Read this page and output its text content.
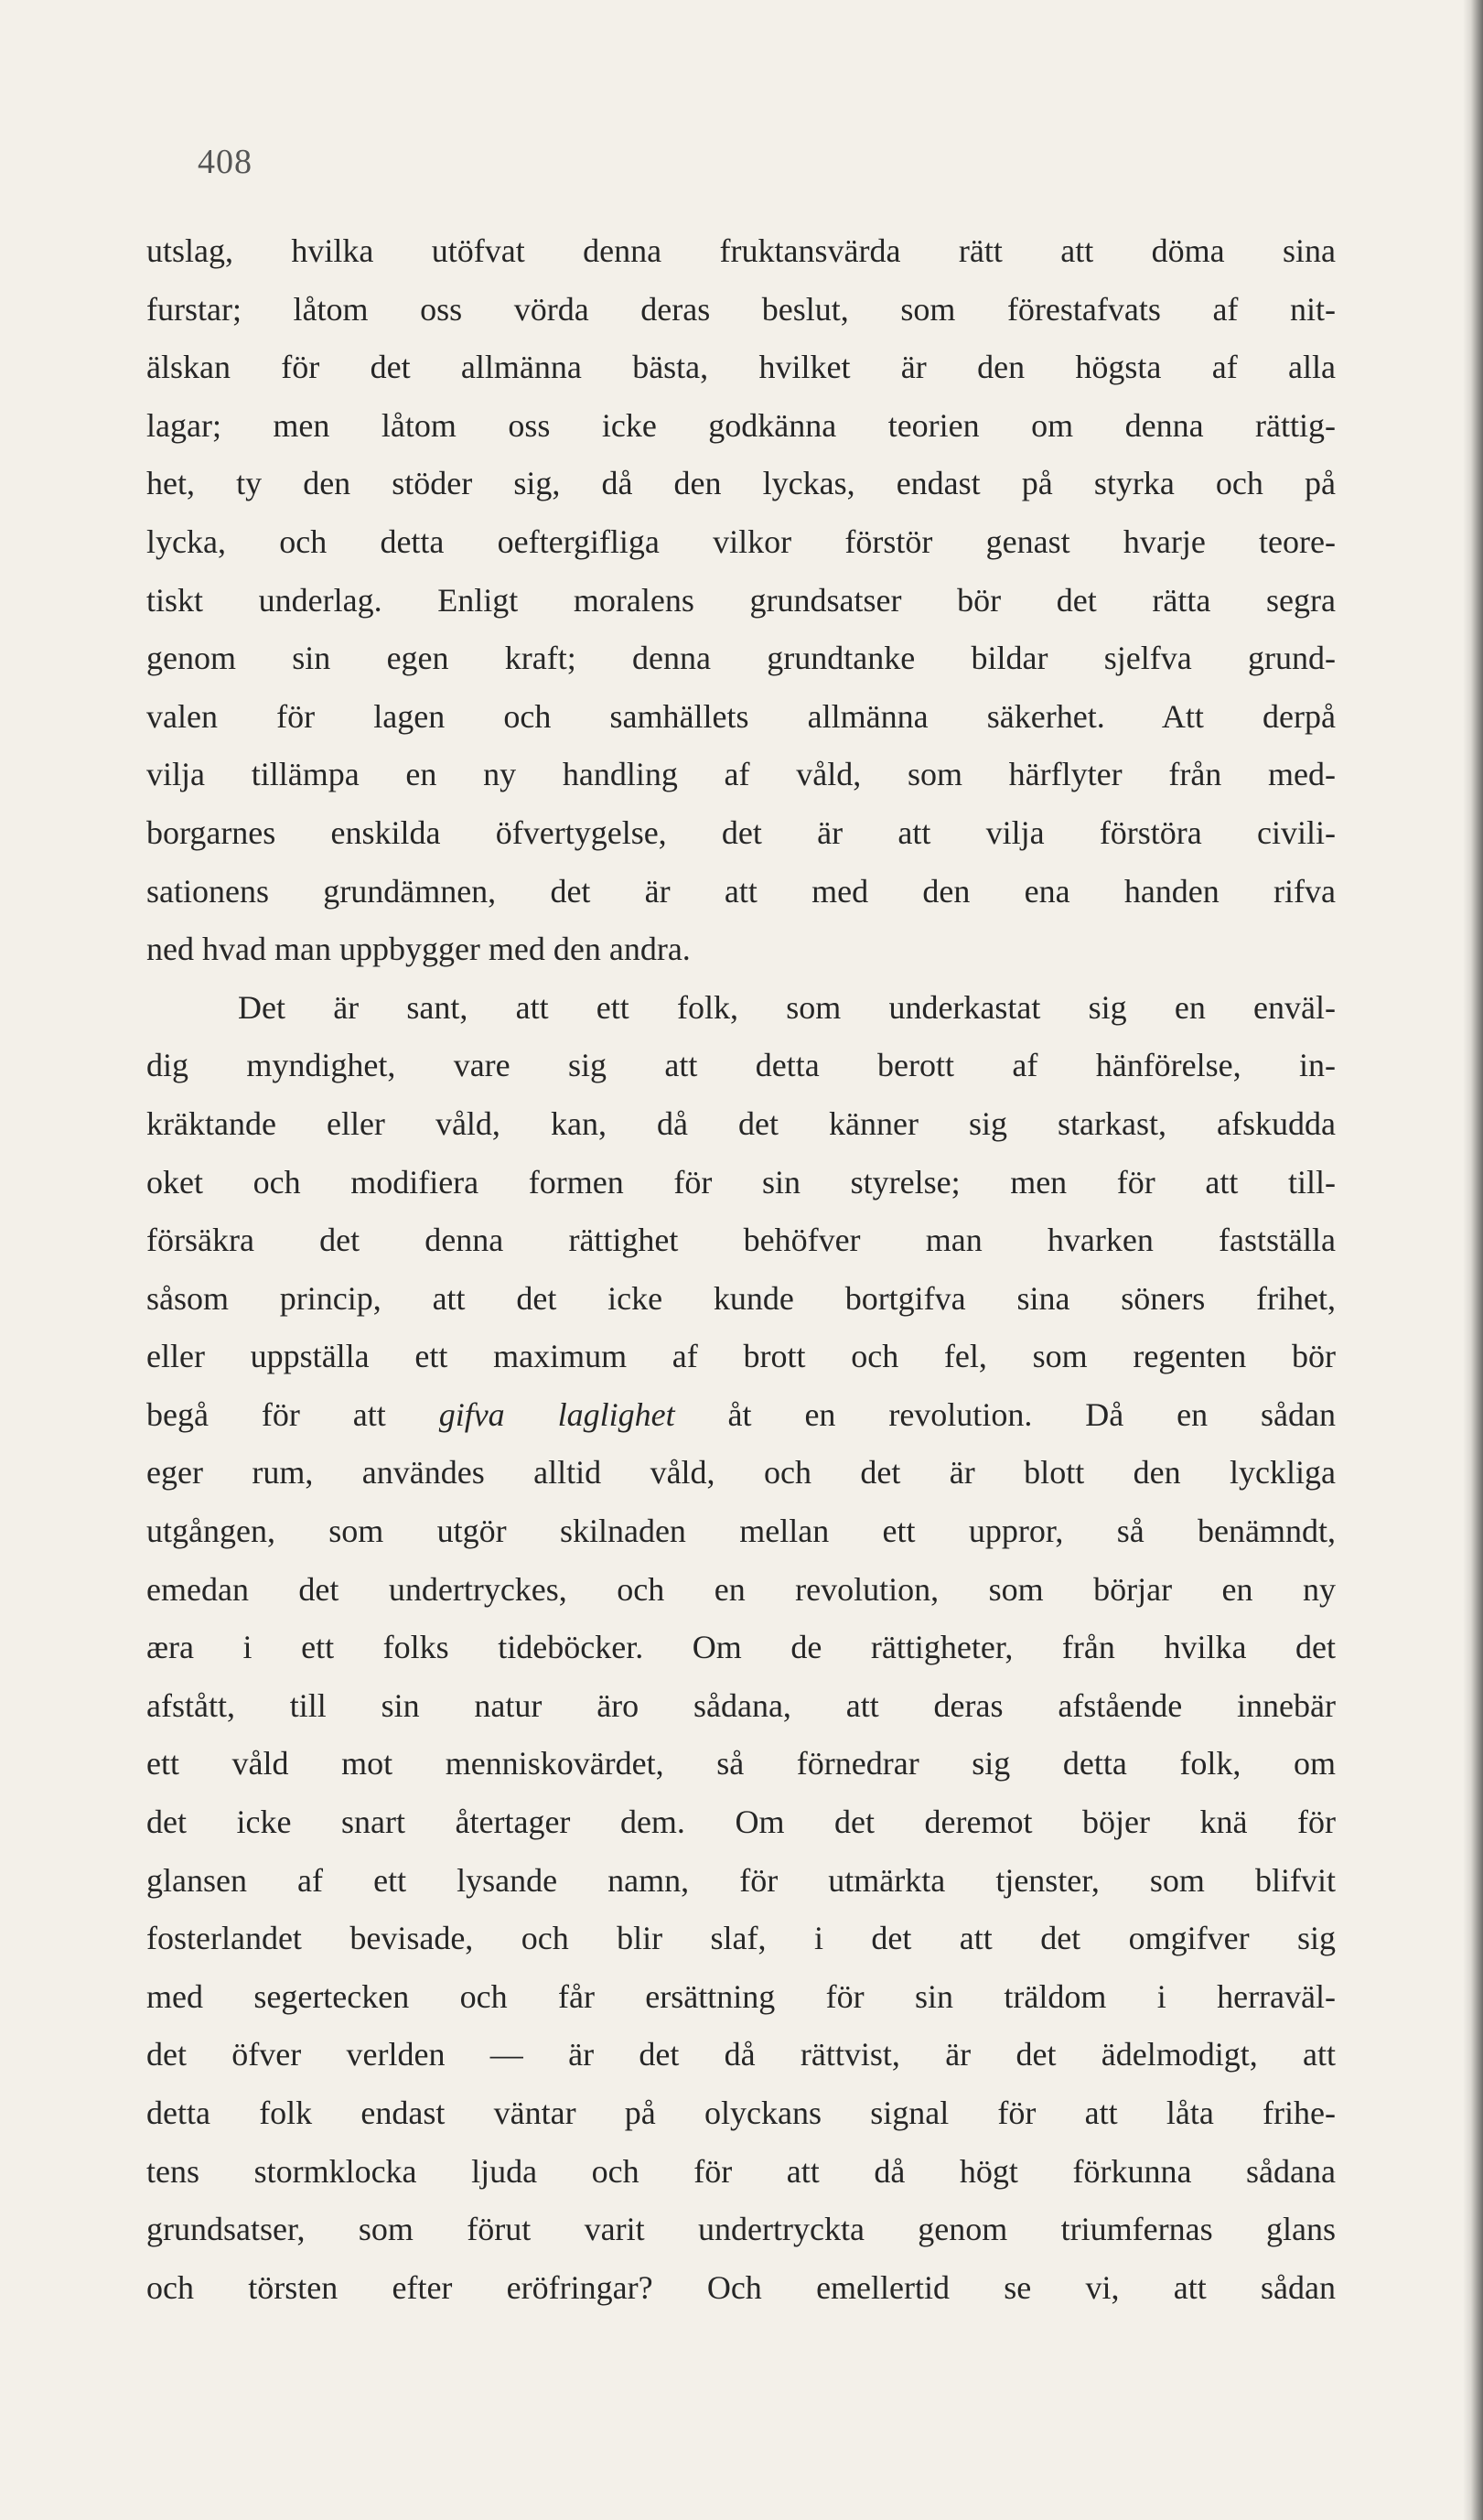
408
utslag, hvilka utöfvat denna fruktansvärda rätt att döma sina
furstar; låtom oss vörda deras beslut, som förestafvats af nit-
älskan för det allmänna bästa, hvilket är den högsta af alla
lagar; men låtom oss icke godkänna teorien om denna rättig-
het, ty den stöder sig, då den lyckas, endast på styrka och på
lycka, och detta oeftergifliga vilkor förstör genast hvarje teore-
tiskt underlag. Enligt moralens grundsatser bör det rätta segra
genom sin egen kraft; denna grundtanke bildar sjelfva grund-
valen för lagen och samhällets allmänna säkerhet. Att derpå
vilja tillämpa en ny handling af våld, som härflyter från med-
borgarnes enskilda öfvertygelse, det är att vilja förstöra civili-
sationens grundämnen, det är att med den ena handen rifva
ned hvad man uppbygger med den andra.
Det är sant, att ett folk, som underkastat sig en enväl-
dig myndighet, vare sig att detta berott af hänförelse, in-
kräktande eller våld, kan, då det känner sig starkast, afskudda
oket och modifiera formen för sin styrelse; men för att till-
försäkra det denna rättighet behöfver man hvarken fastställa
såsom princip, att det icke kunde bortgifva sina söners frihet,
eller uppställa ett maximum af brott och fel, som regenten bör
begå för att gifva laglighet åt en revolution. Då en sådan
eger rum, användes alltid våld, och det är blott den lyckliga
utgången, som utgör skilnaden mellan ett uppror, så benämndt,
emedan det undertryckes, och en revolution, som börjar en ny
æra i ett folks tideböcker. Om de rättigheter, från hvilka det
afstått, till sin natur äro sådana, att deras afstående innebär
ett våld mot menniskovärdet, så förnedrar sig detta folk, om
det icke snart återtager dem. Om det deremot böjer knä för
glansen af ett lysande namn, för utmärkta tjenster, som blifvit
fosterlandet bevisade, och blir slaf, i det att det omgifver sig
med segertecken och får ersättning för sin träldom i herraväl-
det öfver verlden — är det då rättvist, är det ädelmodigt, att
detta folk endast väntar på olyckans signal för att låta frihe-
tens stormklocka ljuda och för att då högt förkunna sådana
grundsatser, som förut varit undertryckta genom triumfernas glans
och törsten efter eröfringar? Och emellertid se vi, att sådan
